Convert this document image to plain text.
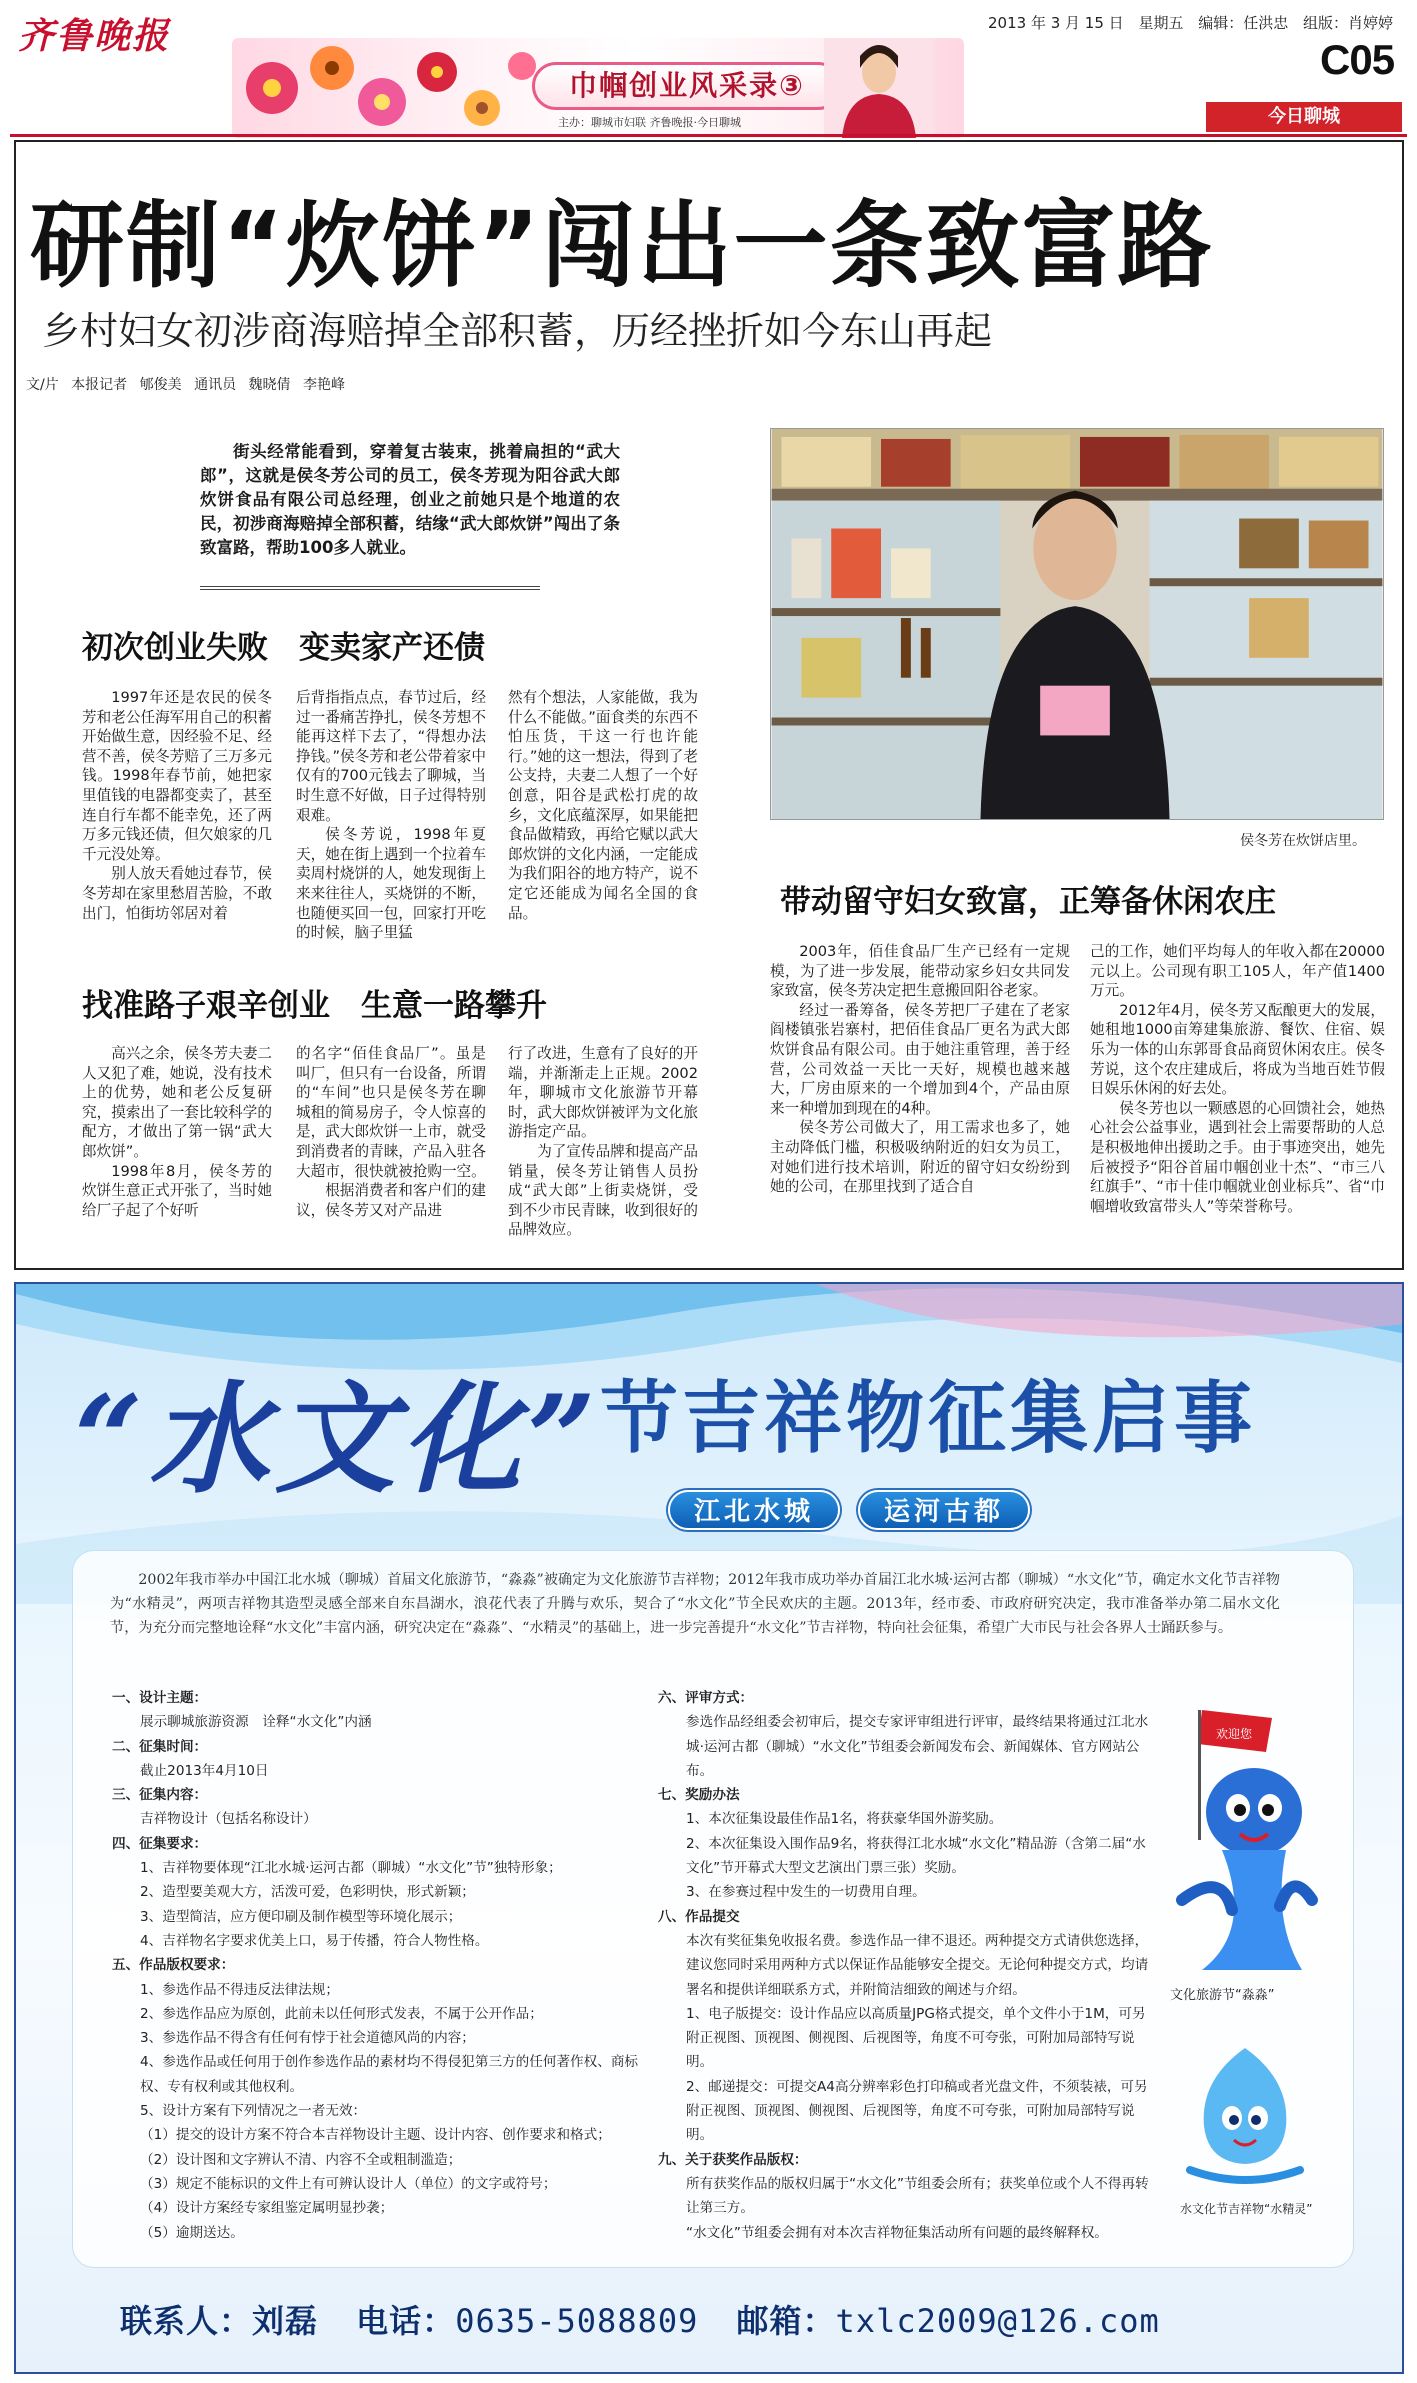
齐鲁晚报	2013 年 3 月 15 日 星期五 编辑：任洪忠 组版：肖婷婷
巾帼创业风采录③
主办：聊城市妇联 齐鲁晚报·今日聊城
C05
今日聊城
研制“炊饼”闯出一条致富路
乡村妇女初涉商海赔掉全部积蓄，历经挫折如今东山再起
文/片 本报记者 郇俊美 通讯员 魏晓倩 李艳峰

街头经常能看到，穿着复古装束，挑着扁担的“武大郎”，这就是侯冬芳公司的员工，侯冬芳现为阳谷武大郎炊饼食品有限公司总经理，创业之前她只是个地道的农民，初涉商海赔掉全部积蓄，结缘“武大郎炊饼”闯出了条致富路，帮助100多人就业。

初次创业失败　变卖家产还债
找准路子艰辛创业　生意一路攀升
带动留守妇女致富，正筹备休闲农庄

1997年还是农民的侯冬芳和老公任海军用自己的积蓄开始做生意，因经验不足、经营不善，侯冬芳赔了三万多元钱。1998年春节前，她把家里值钱的电器都变卖了，甚至连自行车都不能幸免，还了两万多元钱还债，但欠娘家的几千元没处筹。

别人放天看她过春节，侯冬芳却在家里愁眉苦脸，不敢出门，怕街坊邻居对着

后背指指点点，春节过后，经过一番痛苦挣扎，侯冬芳想不能再这样下去了，“得想办法挣钱。”侯冬芳和老公带着家中仅有的700元钱去了聊城，当时生意不好做，日子过得特别艰难。

侯冬芳说，1998年夏天，她在街上遇到一个拉着车卖周村烧饼的人，她发现街上来来往往人，买烧饼的不断，也随便买回一包，回家打开吃的时候，脑子里猛

然有个想法，人家能做，我为什么不能做。”面食类的东西不怕压货，干这一行也许能行。”她的这一想法，得到了老公支持，夫妻二人想了一个好创意，阳谷是武松打虎的故乡，文化底蕴深厚，如果能把食品做精致，再给它赋以武大郎炊饼的文化内涵，一定能成为我们阳谷的地方特产，说不定它还能成为闻名全国的食品。

高兴之余，侯冬芳夫妻二人又犯了难，她说，没有技术上的优势，她和老公反复研究，摸索出了一套比较科学的配方，才做出了第一锅“武大郎炊饼”。

1998年8月，侯冬芳的炊饼生意正式开张了，当时她给厂子起了个好听

的名字“佰佳食品厂”。虽是叫厂，但只有一台设备，所谓的“车间”也只是侯冬芳在聊城租的简易房子，令人惊喜的是，武大郎炊饼一上市，就受到消费者的青睐，产品入驻各大超市，很快就被抢购一空。

根据消费者和客户们的建议，侯冬芳又对产品进

行了改进，生意有了良好的开端，并渐渐走上正规。2002年，聊城市文化旅游节开幕时，武大郎炊饼被评为文化旅游指定产品。

为了宣传品牌和提高产品销量，侯冬芳让销售人员扮成“武大郎”上街卖烧饼，受到不少市民青睐，收到很好的品牌效应。

2003年，佰佳食品厂生产已经有一定规模，为了进一步发展，能带动家乡妇女共同发家致富，侯冬芳决定把生意搬回阳谷老家。

经过一番筹备，侯冬芳把厂子建在了老家阎楼镇张岩寨村，把佰佳食品厂更名为武大郎炊饼食品有限公司。由于她注重管理，善于经营，公司效益一天比一天好，规模也越来越大，厂房由原来的一个增加到4个，产品由原来一种增加到现在的4种。

侯冬芳公司做大了，用工需求也多了，她主动降低门槛，积极吸纳附近的妇女为员工，对她们进行技术培训，附近的留守妇女纷纷到她的公司，在那里找到了适合自

己的工作，她们平均每人的年收入都在20000元以上。公司现有职工105人，年产值1400万元。

2012年4月，侯冬芳又酝酿更大的发展，她租地1000亩筹建集旅游、餐饮、住宿、娱乐为一体的山东郭哥食品商贸休闲农庄。侯冬芳说，这个农庄建成后，将成为当地百姓节假日娱乐休闲的好去处。

侯冬芳也以一颗感恩的心回馈社会，她热心社会公益事业，遇到社会上需要帮助的人总是积极地伸出援助之手。由于事迹突出，她先后被授予“阳谷首届巾帼创业十杰”、“市三八红旗手”、“市十佳巾帼就业创业标兵”、省“巾帼增收致富带头人”等荣誉称号。

侯冬芳在炊饼店里。
“水文化”
节吉祥物征集启事
江北水城	运河古都

2002年我市举办中国江北水城（聊城）首届文化旅游节，“淼淼”被确定为文化旅游节吉祥物；2012年我市成功举办首届江北水城·运河古都（聊城）“水文化”节，确定水文化节吉祥物为“水精灵”，两项吉祥物其造型灵感全部来自东昌湖水，浪花代表了升腾与欢乐，契合了“水文化”节全民欢庆的主题。2013年，经市委、市政府研究决定，我市准备举办第二届水文化节，为充分而完整地诠释“水文化”丰富内涵，研究决定在“淼淼”、“水精灵”的基础上，进一步完善提升“水文化”节吉祥物，特向社会征集，希望广大市民与社会各界人士踊跃参与。

一、设计主题：
展示聊城旅游资源　诠释“水文化”内涵
二、征集时间：
截止2013年4月10日
三、征集内容：
吉祥物设计（包括名称设计）
四、征集要求：
1、吉祥物要体现“江北水城·运河古都（聊城）“水文化”节”独特形象；
2、造型要美观大方，活泼可爱，色彩明快，形式新颖；
3、造型简洁，应方便印刷及制作模型等环境化展示；
4、吉祥物名字要求优美上口，易于传播，符合人物性格。
五、作品版权要求：
1、参选作品不得违反法律法规；
2、参选作品应为原创，此前未以任何形式发表，不属于公开作品；
3、参选作品不得含有任何有悖于社会道德风尚的内容；
4、参选作品或任何用于创作参选作品的素材均不得侵犯第三方的任何著作权、商标权、专有权利或其他权利。
5、设计方案有下列情况之一者无效：
（1）提交的设计方案不符合本吉祥物设计主题、设计内容、创作要求和格式；
（2）设计图和文字辨认不清、内容不全或粗制滥造；
（3）规定不能标识的文件上有可辨认设计人（单位）的文字或符号；
（4）设计方案经专家组鉴定属明显抄袭；
（5）逾期送达。
六、评审方式：
参选作品经组委会初审后，提交专家评审组进行评审，最终结果将通过江北水城·运河古都（聊城）“水文化”节组委会新闻发布会、新闻媒体、官方网站公布。
七、奖励办法
1、本次征集设最佳作品1名，将获豪华国外游奖励。
2、本次征集设入围作品9名，将获得江北水城“水文化”精品游（含第二届“水文化”节开幕式大型文艺演出门票三张）奖励。
3、在参赛过程中发生的一切费用自理。
八、作品提交
本次有奖征集免收报名费。参选作品一律不退还。两种提交方式请供您选择，建议您同时采用两种方式以保证作品能够安全提交。无论何种提交方式，均请署名和提供详细联系方式，并附简洁细致的阐述与介绍。
1、电子版提交：设计作品应以高质量JPG格式提交，单个文件小于1M，可另附正视图、顶视图、侧视图、后视图等，角度不可夸张，可附加局部特写说明。
2、邮递提交：可提交A4高分辨率彩色打印稿或者光盘文件，不须装裱，可另附正视图、顶视图、侧视图、后视图等，角度不可夸张，可附加局部特写说明。
九、关于获奖作品版权：
所有获奖作品的版权归属于“水文化”节组委会所有；获奖单位或个人不得再转让第三方。
“水文化”节组委会拥有对本次吉祥物征集活动所有问题的最终解释权。
欢迎您
文化旅游节“淼淼”
水文化节吉祥物“水精灵”
联系人：刘磊 电话：0635-5088809 邮箱：txlc2009@126.com
